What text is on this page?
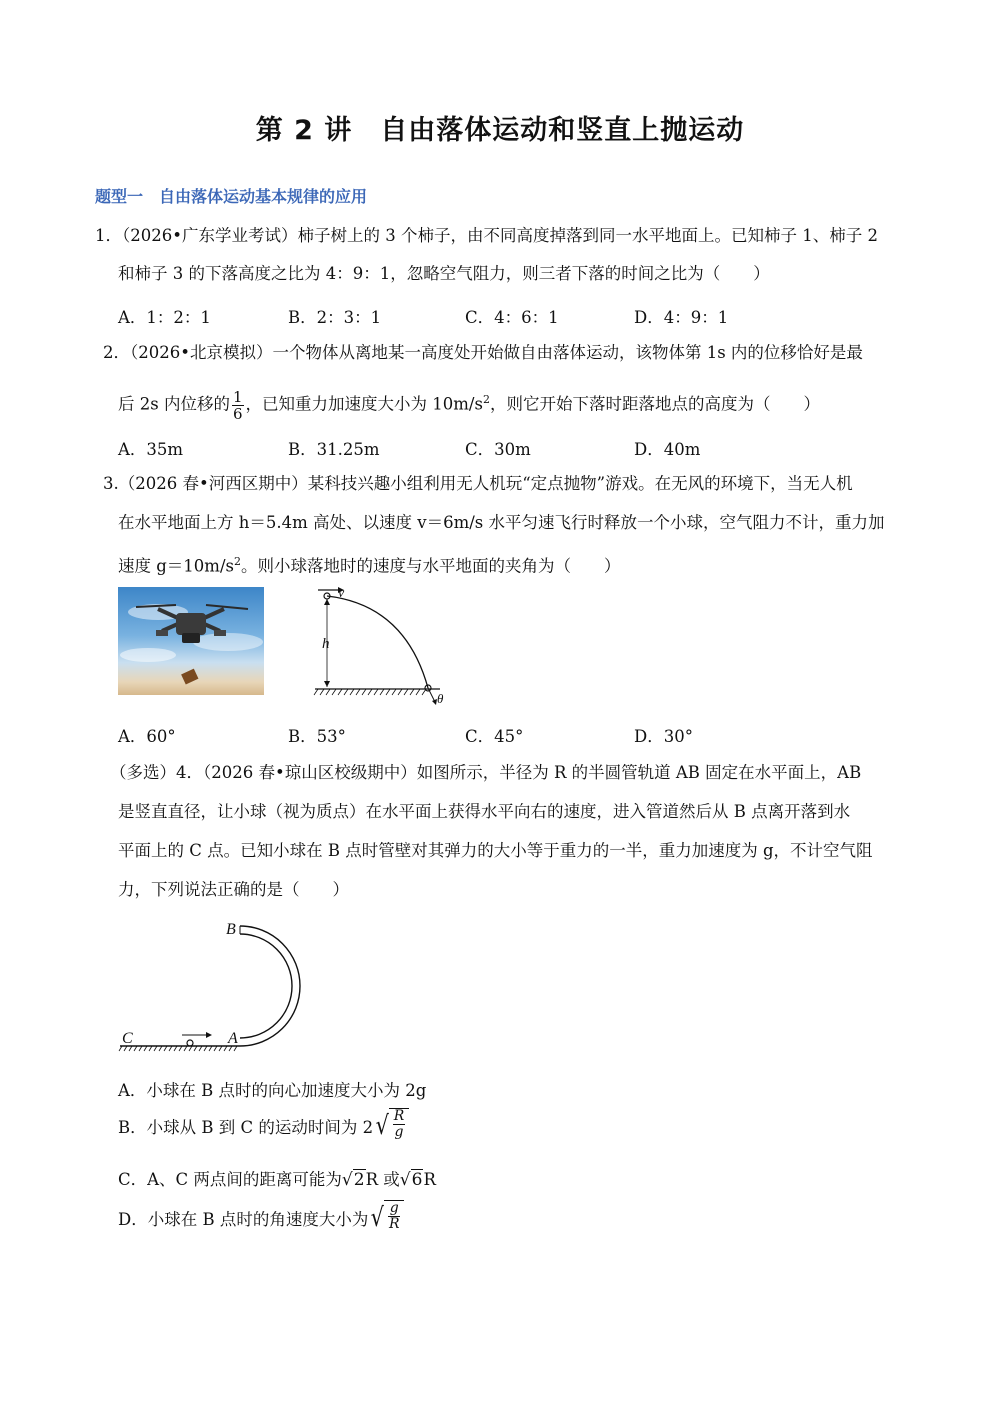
第 2 讲　自由落体运动和竖直上抛运动
题型一　自由落体运动基本规律的应用
1．（2026•广东学业考试）柿子树上的 3 个柿子，由不同高度掉落到同一水平地面上。已知柿子 1、柿子 2
和柿子 3 的下落高度之比为 4：9：1，忽略空气阻力，则三者下落的时间之比为（　　）
A．1：2：1	B．2：3：1	C．4：6：1	D．4：9：1
2．（2026•北京模拟）一个物体从离地某一高度处开始做自由落体运动，该物体第 1s 内的位移恰好是最
后 2s 内位移的 $\frac{1}{6}$ ，已知重力加速度大小为 $10m/s^2$，则它开始下落时距落地点的高度为（　　）
A．35m	B．31.25m	C．30m	D．40m
3.（2026 春•河西区期中）某科技兴趣小组利用无人机玩“定点抛物”游戏。在无风的环境下，当无人机
在水平地面上方 h＝5.4m 高处、以速度 v＝6m/s 水平匀速飞行时释放一个小球，空气阻力不计，重力加
速度 $g=10m/s^2$。则小球落地时的速度与水平地面的夹角为（　　）
v
h
θ
A．60°	B．53°	C．45°	D．30°
（多选）4．（2026 春•琼山区校级期中）如图所示，半径为 R 的半圆管轨道 AB 固定在水平面上，AB
是竖直直径，让小球（视为质点）在水平面上获得水平向右的速度，进入管道然后从 B 点离开落到水
平面上的 C 点。已知小球在 B 点时管壁对其弹力的大小等于重力的一半，重力加速度为 g，不计空气阻
力，下列说法正确的是（　　）
B
C	A
A．小球在 B 点时的向心加速度大小为 2g
B．小球从 B 到 C 的运动时间为 2 √ $\frac{R}{g}$
C．A、C 两点间的距离可能为√2R 或√6R
D．小球在 B 点时的角速度大小为 √ $\frac{g}{R}$
